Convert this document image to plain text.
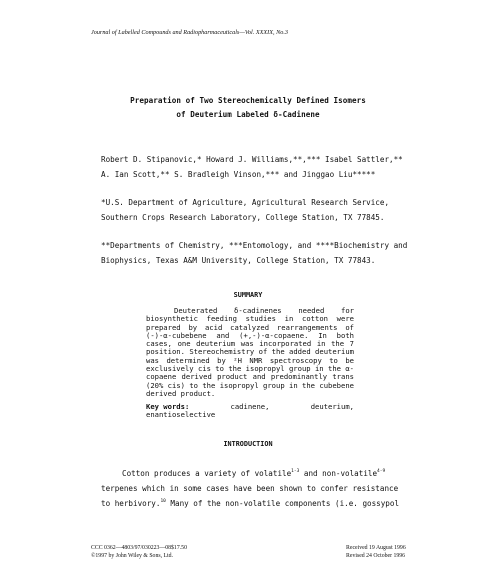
Journal of Labelled Compounds and Radiopharmaceuticals—Vol. XXXIX, No.3
Preparation of Two Stereochemically Defined Isomers
of Deuterium Labeled δ-Cadinene
Robert D. Stipanovic,* Howard J. Williams,**,*** Isabel Sattler,**
A. Ian Scott,** S. Bradleigh Vinson,*** and Jinggao Liu*****
*U.S. Department of Agriculture, Agricultural Research Service,
Southern Crops Research Laboratory, College Station, TX 77845.
**Departments of Chemistry, ***Entomology, and ****Biochemistry and
Biophysics, Texas A&M University, College Station, TX 77843.
SUMMARY

Deuterated δ-cadinenes needed for biosynthetic feeding studies in cotton were prepared by acid catalyzed rearrangements of (-)-α-cubebene and (+,-)-α-copaene. In both cases, one deuterium was incorporated in the 7 position. Stereochemistry of the added deuterium was determined by ²H NMR spectroscopy to be exclusively cis to the isopropyl group in the α-copaene derived product and predominantly trans (20% cis) to the isopropyl group in the cubebene derived product.

Key words:	cadinene,	deuterium,
enantioselective
INTRODUCTION

Cotton produces a variety of volatile$^{1-3}$ and non-volatile$^{4-9}$ terpenes which in some cases have been shown to confer resistance to herbivory.$^{10}$ Many of the non-volatile components (i.e. gossypol

CCC 0362—4803/97/030223—08$17.50
©1997 by John Wiley & Sons, Ltd.
Received 19 August 1996
Revised 24 October 1996
